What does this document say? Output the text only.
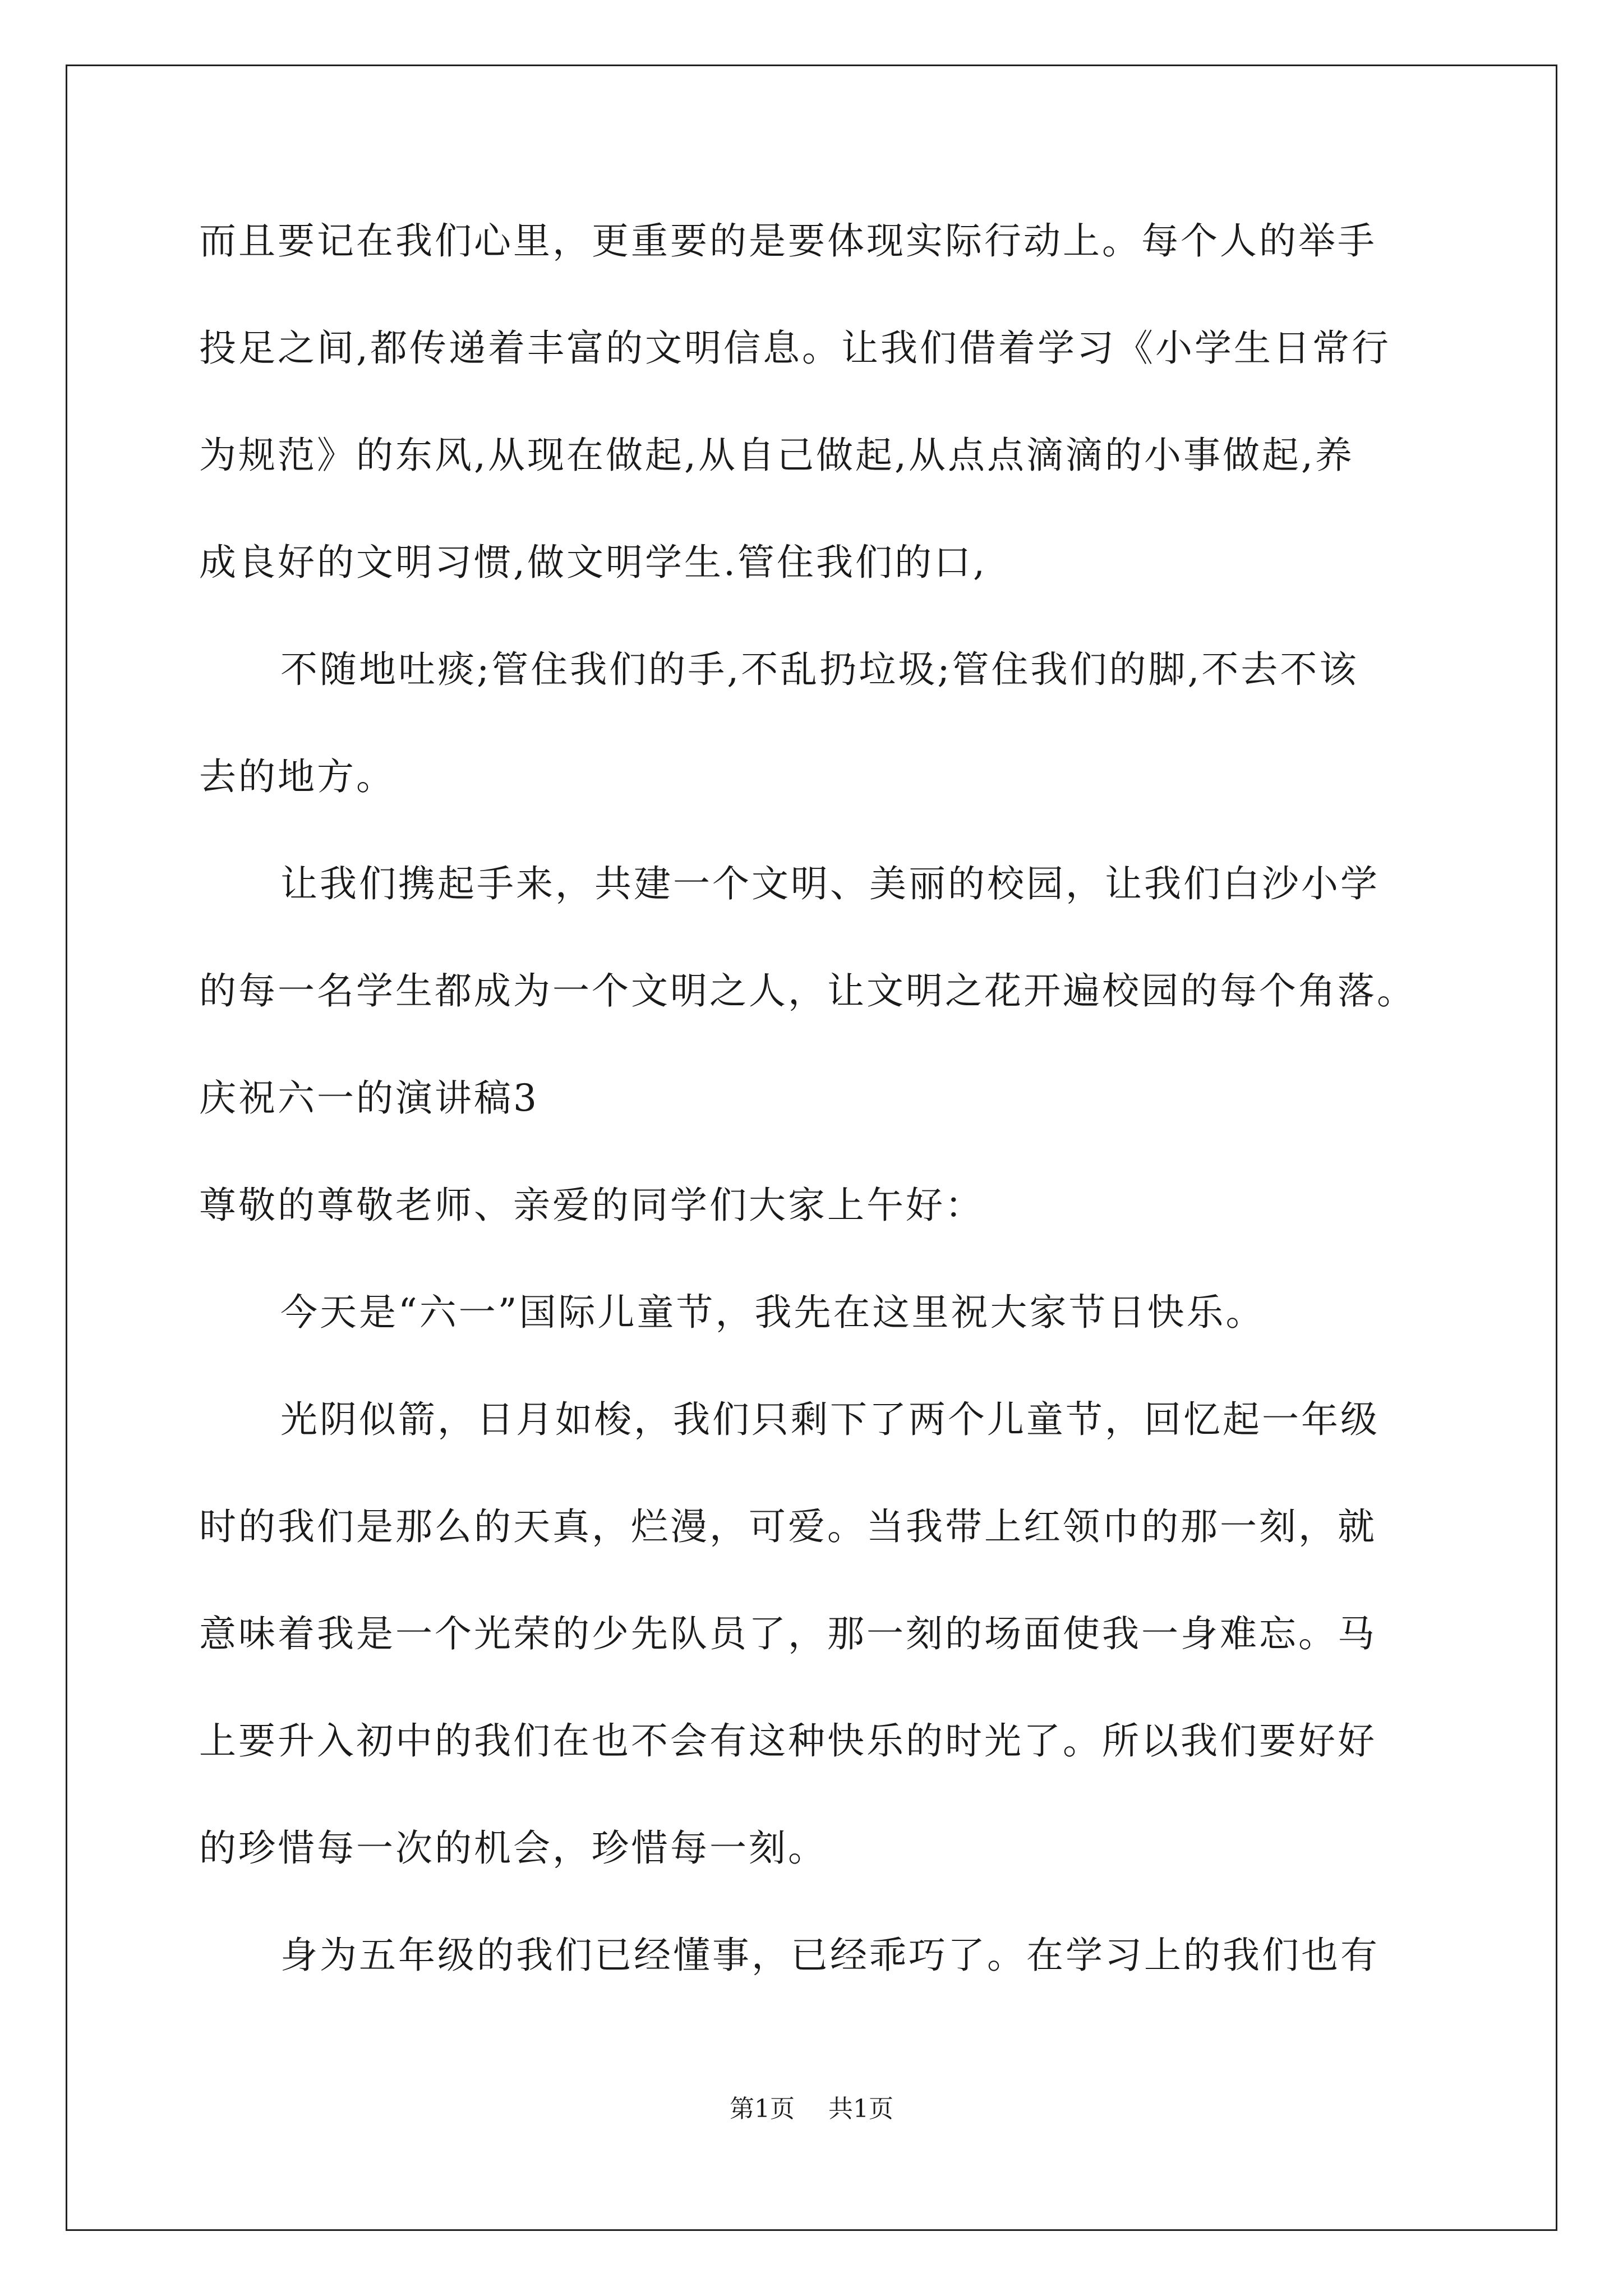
而且要记在我们心里，更重要的是要体现实际行动上。每个人的举手
投足之间,都传递着丰富的文明信息。让我们借着学习《小学生日常行
为规范》的东风,从现在做起,从自己做起,从点点滴滴的小事做起,养
成良好的文明习惯,做文明学生.管住我们的口,
不随地吐痰;管住我们的手,不乱扔垃圾;管住我们的脚,不去不该
去的地方。
让我们携起手来，共建一个文明、美丽的校园，让我们白沙小学
的每一名学生都成为一个文明之人，让文明之花开遍校园的每个角落。
庆祝六一的演讲稿3
尊敬的尊敬老师、亲爱的同学们大家上午好：
今天是“六一”国际儿童节，我先在这里祝大家节日快乐。
光阴似箭，日月如梭，我们只剩下了两个儿童节，回忆起一年级
时的我们是那么的天真，烂漫，可爱。当我带上红领巾的那一刻，就
意味着我是一个光荣的少先队员了，那一刻的场面使我一身难忘。马
上要升入初中的我们在也不会有这种快乐的时光了。所以我们要好好
的珍惜每一次的机会，珍惜每一刻。
身为五年级的我们已经懂事，已经乖巧了。在学习上的我们也有
第1页 共1页
